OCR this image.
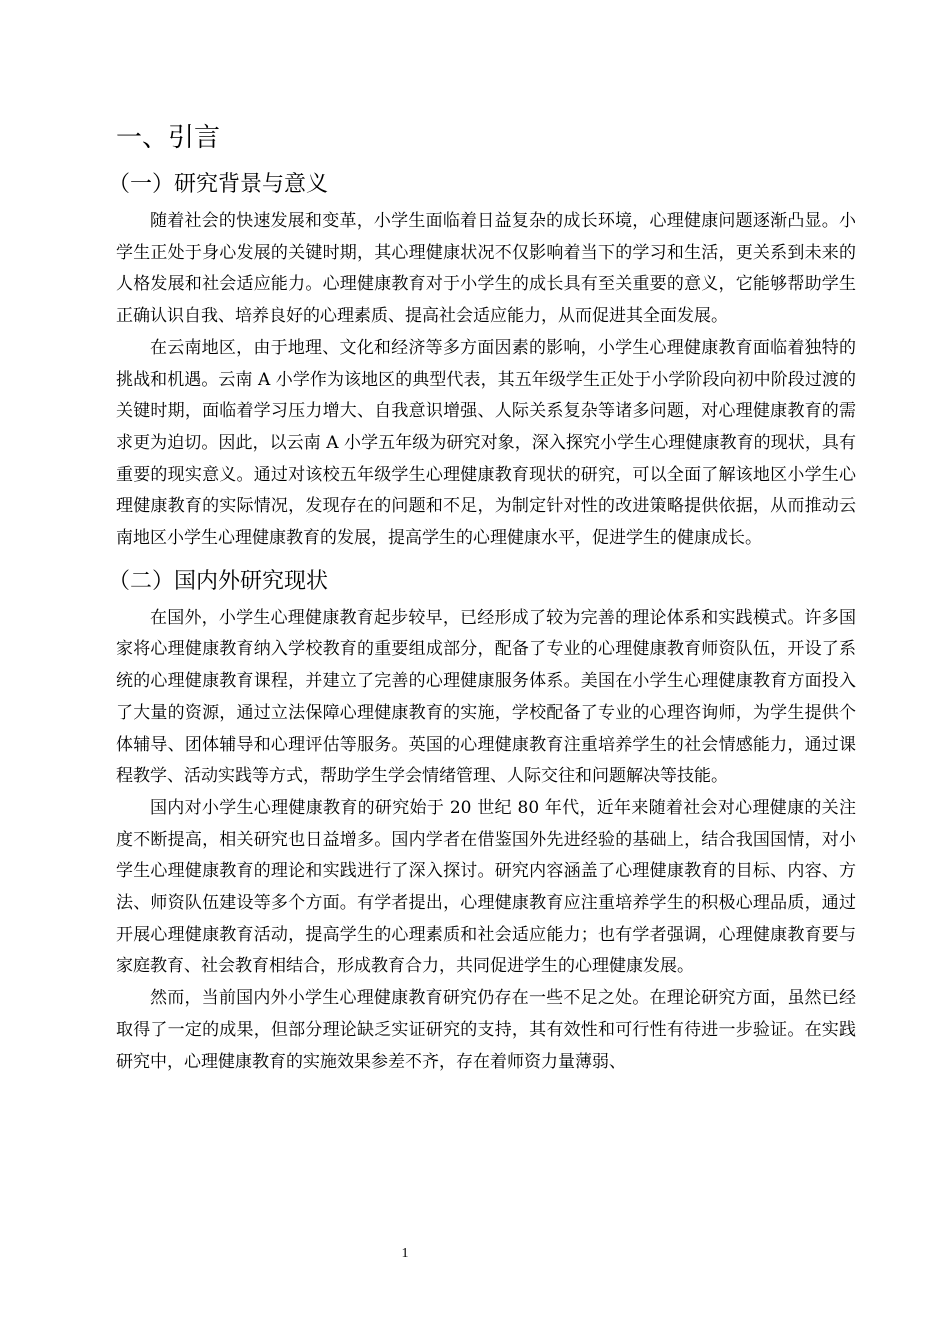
一、引言
（一）研究背景与意义

随着社会的快速发展和变革，小学生面临着日益复杂的成长环境，心理健康问题逐渐凸显。小学生正处于身心发展的关键时期，其心理健康状况不仅影响着当下的学习和生活，更关系到未来的人格发展和社会适应能力。心理健康教育对于小学生的成长具有至关重要的意义，它能够帮助学生正确认识自我、培养良好的心理素质、提高社会适应能力，从而促进其全面发展。

在云南地区，由于地理、文化和经济等多方面因素的影响，小学生心理健康教育面临着独特的挑战和机遇。云南 A 小学作为该地区的典型代表，其五年级学生正处于小学阶段向初中阶段过渡的关键时期，面临着学习压力增大、自我意识增强、人际关系复杂等诸多问题，对心理健康教育的需求更为迫切。因此，以云南 A 小学五年级为研究对象，深入探究小学生心理健康教育的现状，具有重要的现实意义。通过对该校五年级学生心理健康教育现状的研究，可以全面了解该地区小学生心理健康教育的实际情况，发现存在的问题和不足，为制定针对性的改进策略提供依据，从而推动云南地区小学生心理健康教育的发展，提高学生的心理健康水平，促进学生的健康成长。

（二）国内外研究现状

在国外，小学生心理健康教育起步较早，已经形成了较为完善的理论体系和实践模式。许多国家将心理健康教育纳入学校教育的重要组成部分，配备了专业的心理健康教育师资队伍，开设了系统的心理健康教育课程，并建立了完善的心理健康服务体系。美国在小学生心理健康教育方面投入了大量的资源，通过立法保障心理健康教育的实施，学校配备了专业的心理咨询师，为学生提供个体辅导、团体辅导和心理评估等服务。英国的心理健康教育注重培养学生的社会情感能力，通过课程教学、活动实践等方式，帮助学生学会情绪管理、人际交往和问题解决等技能。

国内对小学生心理健康教育的研究始于 20 世纪 80 年代，近年来随着社会对心理健康的关注度不断提高，相关研究也日益增多。国内学者在借鉴国外先进经验的基础上，结合我国国情，对小学生心理健康教育的理论和实践进行了深入探讨。研究内容涵盖了心理健康教育的目标、内容、方法、师资队伍建设等多个方面。有学者提出，心理健康教育应注重培养学生的积极心理品质，通过开展心理健康教育活动，提高学生的心理素质和社会适应能力；也有学者强调，心理健康教育要与家庭教育、社会教育相结合，形成教育合力，共同促进学生的心理健康发展。

然而，当前国内外小学生心理健康教育研究仍存在一些不足之处。在理论研究方面，虽然已经取得了一定的成果，但部分理论缺乏实证研究的支持，其有效性和可行性有待进一步验证。在实践研究中，心理健康教育的实施效果参差不齐，存在着师资力量薄弱、

1
